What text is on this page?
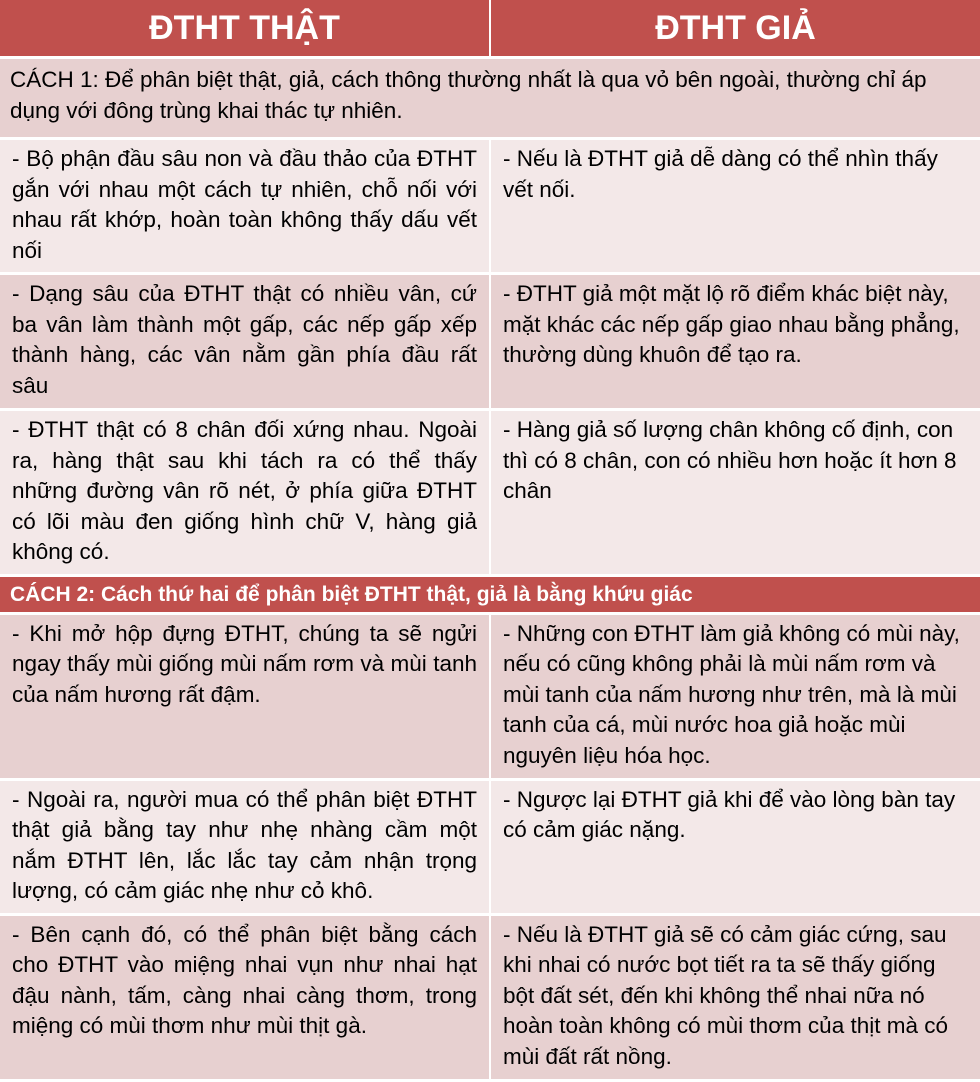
ĐTHT THẬT	ĐTHT GIẢ
CÁCH 1: Để phân biệt thật, giả, cách thông thường nhất là qua vỏ bên ngoài, thường chỉ áp dụng với đông trùng khai thác tự nhiên.	
- Bộ phận đầu sâu non và đầu thảo của ĐTHT gắn với nhau một cách tự nhiên, chỗ nối với nhau rất khớp, hoàn toàn không thấy dấu vết nối	- Nếu là ĐTHT giả dễ dàng có thể nhìn thấy vết nối.
- Dạng sâu của ĐTHT thật có nhiều vân, cứ ba vân làm thành một gấp, các nếp gấp xếp thành hàng, các vân nằm gần phía đầu rất sâu	- ĐTHT giả một mặt lộ rõ điểm khác biệt này, mặt khác các nếp gấp giao nhau bằng phẳng, thường dùng khuôn để tạo ra.
- ĐTHT thật có 8 chân đối xứng nhau. Ngoài ra, hàng thật sau khi tách ra có thể thấy những đường vân rõ nét, ở phía giữa ĐTHT có lõi màu đen giống hình chữ V, hàng giả không có.	- Hàng giả số lượng chân không cố định, con thì có 8 chân, con có nhiều hơn hoặc ít hơn 8 chân
CÁCH 2: Cách thứ hai để phân biệt ĐTHT thật, giả là bằng khứu giác	
- Khi mở hộp đựng ĐTHT, chúng ta sẽ ngửi ngay thấy mùi giống mùi nấm rơm và mùi tanh của nấm hương rất đậm.	- Những con ĐTHT làm giả không có mùi này, nếu có cũng không phải là mùi nấm rơm và mùi tanh của nấm hương như trên, mà là mùi tanh của cá, mùi nước hoa giả hoặc mùi nguyên liệu hóa học.
- Ngoài ra, người mua có thể phân biệt ĐTHT thật giả bằng tay như nhẹ nhàng cầm một nắm ĐTHT lên, lắc lắc tay cảm nhận trọng lượng, có cảm giác nhẹ như cỏ khô.	- Ngược lại ĐTHT giả khi để vào lòng bàn tay có cảm giác nặng.
- Bên cạnh đó, có thể phân biệt bằng cách cho ĐTHT vào miệng nhai vụn như nhai hạt đậu nành, tấm, càng nhai càng thơm, trong miệng có mùi thơm như mùi thịt gà.	- Nếu là ĐTHT giả sẽ có cảm giác cứng, sau khi nhai có nước bọt tiết ra ta sẽ thấy giống bột đất sét, đến khi không thể nhai nữa nó hoàn toàn không có mùi thơm của thịt mà có mùi đất rất nồng.
